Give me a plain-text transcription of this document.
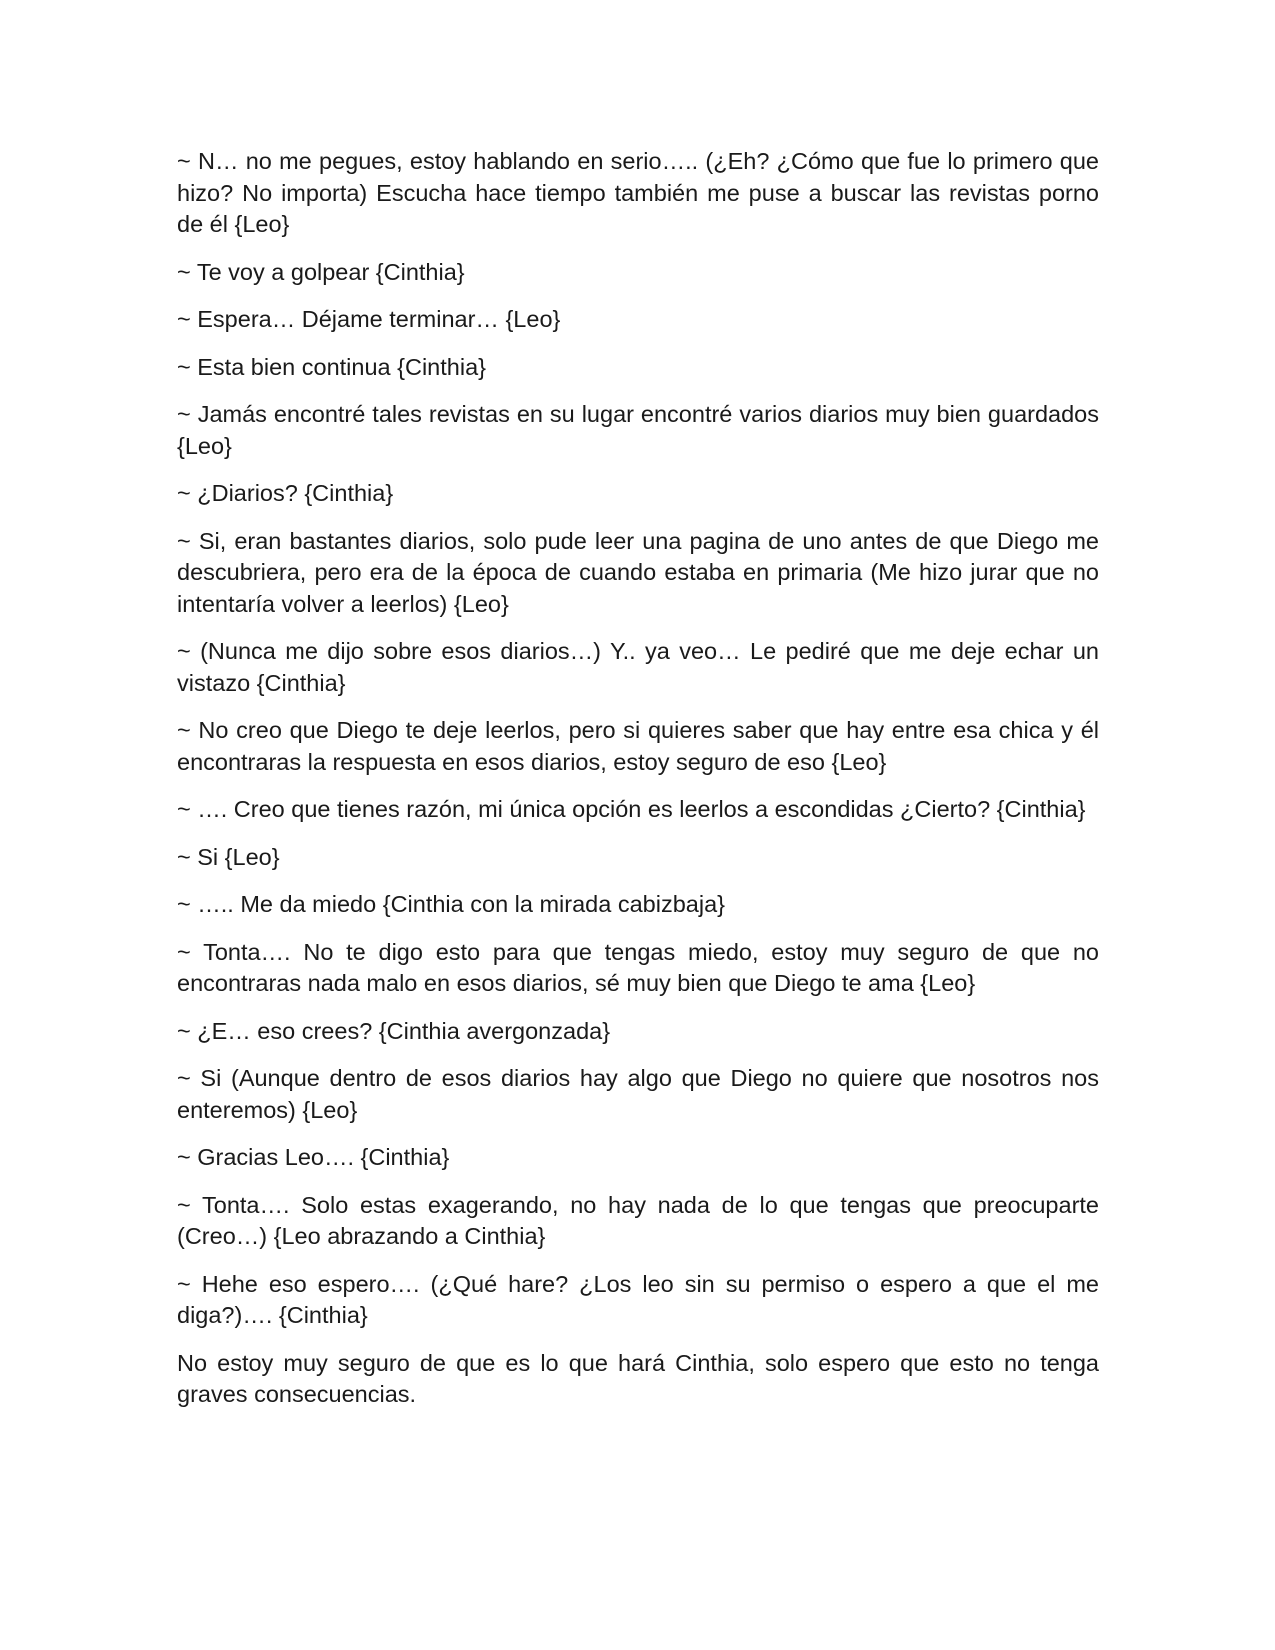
~ N… no me pegues, estoy hablando en serio….. (¿Eh? ¿Cómo que fue lo primero que hizo? No importa) Escucha hace tiempo también me puse a buscar las revistas porno de él {Leo}

~ Te voy a golpear {Cinthia}

~ Espera… Déjame terminar… {Leo}

~ Esta bien continua {Cinthia}

~ Jamás encontré tales revistas en su lugar encontré varios diarios muy bien guardados {Leo}

~ ¿Diarios? {Cinthia}

~ Si, eran bastantes diarios, solo pude leer una pagina de uno antes de que Diego me descubriera, pero era de la época de cuando estaba en primaria (Me hizo jurar que no intentaría volver a leerlos) {Leo}

~ (Nunca me dijo sobre esos diarios…) Y.. ya veo… Le pediré que me deje echar un vistazo {Cinthia}

~ No creo que Diego te deje leerlos, pero si quieres saber que hay entre esa chica y él encontraras la respuesta en esos diarios, estoy seguro de eso {Leo}

~ …. Creo que tienes razón, mi única opción es leerlos a escondidas ¿Cierto? {Cinthia}

~ Si {Leo}

~ ….. Me da miedo {Cinthia con la mirada cabizbaja}

~ Tonta…. No te digo esto para que tengas miedo, estoy muy seguro de que no encontraras nada malo en esos diarios, sé muy bien que Diego te ama {Leo}

~ ¿E… eso crees? {Cinthia avergonzada}

~ Si (Aunque dentro de esos diarios hay algo que Diego no quiere que nosotros nos enteremos) {Leo}

~ Gracias Leo…. {Cinthia}

~ Tonta…. Solo estas exagerando, no hay nada de lo que tengas que preocuparte (Creo…) {Leo abrazando a Cinthia}

~ Hehe eso espero…. (¿Qué hare? ¿Los leo sin su permiso o espero a que el me diga?)…. {Cinthia}

No estoy muy seguro de que es lo que hará Cinthia, solo espero que esto no tenga graves consecuencias.
